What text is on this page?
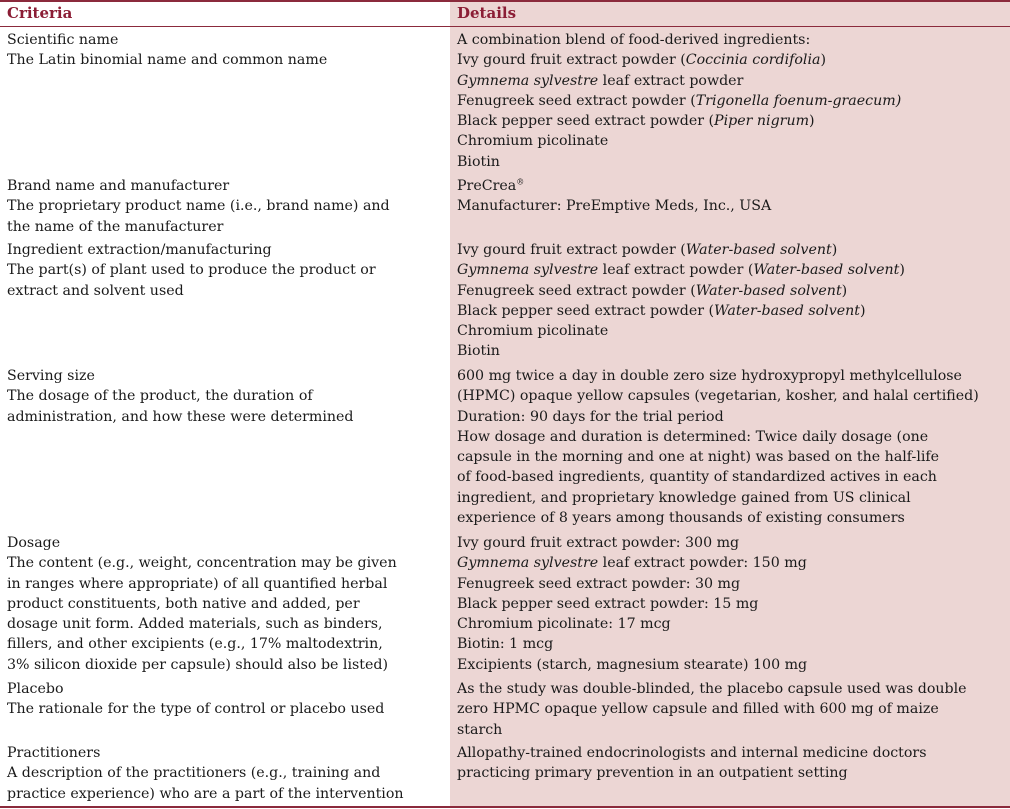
Criteria	Details
Scientific name
The Latin binomial name and common name
A combination blend of food-derived ingredients:
Ivy gourd fruit extract powder (Coccinia cordifolia)
Gymnema sylvestre leaf extract powder
Fenugreek seed extract powder (Trigonella foenum-graecum)
Black pepper seed extract powder (Piper nigrum)
Chromium picolinate
Biotin
Brand name and manufacturer
The proprietary product name (i.e., brand name) and
the name of the manufacturer
PreCrea®
Manufacturer: PreEmptive Meds, Inc., USA
Ingredient extraction/manufacturing
The part(s) of plant used to produce the product or
extract and solvent used
Ivy gourd fruit extract powder (Water-based solvent)
Gymnema sylvestre leaf extract powder (Water-based solvent)
Fenugreek seed extract powder (Water-based solvent)
Black pepper seed extract powder (Water-based solvent)
Chromium picolinate
Biotin
Serving size
The dosage of the product, the duration of
administration, and how these were determined
600 mg twice a day in double zero size hydroxypropyl methylcellulose
(HPMC) opaque yellow capsules (vegetarian, kosher, and halal certified)
Duration: 90 days for the trial period
How dosage and duration is determined: Twice daily dosage (one
capsule in the morning and one at night) was based on the half-life
of food-based ingredients, quantity of standardized actives in each
ingredient, and proprietary knowledge gained from US clinical
experience of 8 years among thousands of existing consumers
Dosage
The content (e.g., weight, concentration may be given
in ranges where appropriate) of all quantified herbal
product constituents, both native and added, per
dosage unit form. Added materials, such as binders,
fillers, and other excipients (e.g., 17% maltodextrin,
3% silicon dioxide per capsule) should also be listed)
Ivy gourd fruit extract powder: 300 mg
Gymnema sylvestre leaf extract powder: 150 mg
Fenugreek seed extract powder: 30 mg
Black pepper seed extract powder: 15 mg
Chromium picolinate: 17 mcg
Biotin: 1 mcg
Excipients (starch, magnesium stearate) 100 mg
Placebo
The rationale for the type of control or placebo used
As the study was double-blinded, the placebo capsule used was double
zero HPMC opaque yellow capsule and filled with 600 mg of maize
starch
Practitioners
A description of the practitioners (e.g., training and
practice experience) who are a part of the intervention
Allopathy-trained endocrinologists and internal medicine doctors
practicing primary prevention in an outpatient setting
